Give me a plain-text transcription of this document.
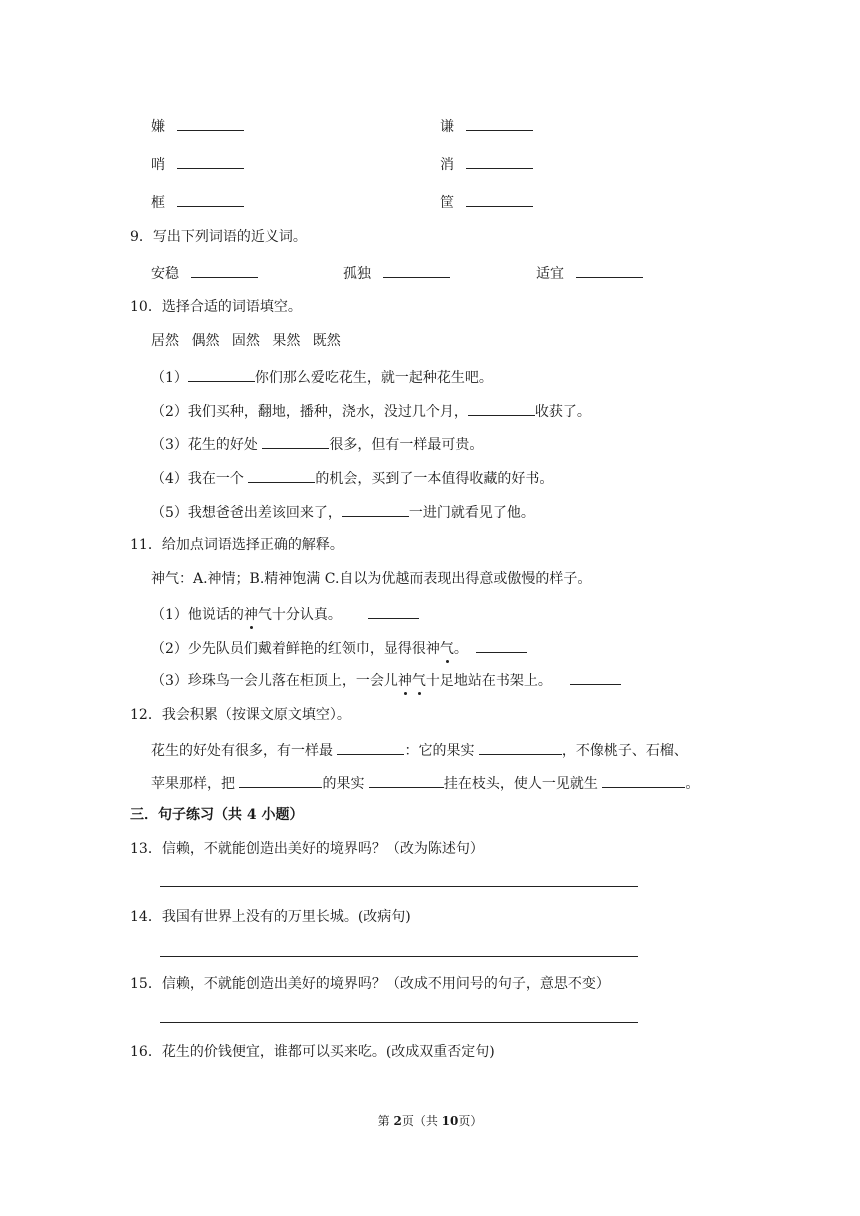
嫌	谦
哨	消
框	筐
9．写出下列词语的近义词。
安稳	孤独	适宜
10．选择合适的词语填空。
居然 偶然 固然 果然 既然
（1）	你们那么爱吃花生，就一起种花生吧。
（2）我们买种，翻地，播种，浇水，没过几个月，	收获了。
（3）花生的好处	很多，但有一样最可贵。
（4）我在一个	的机会，买到了一本值得收藏的好书。
（5）我想爸爸出差该回来了，	一进门就看见了他。
11．给加点词语选择正确的解释。
神气：A.神情；B.精神饱满 C.自以为优越而表现出得意或傲慢的样子。
（1）他说话的神气十分认真。
（2）少先队员们戴着鲜艳的红领巾，显得很神气。
（3）珍珠鸟一会儿落在柜顶上，一会儿神气十足地站在书架上。
12．我会积累（按课文原文填空）。
花生的好处有很多，有一样最	：它的果实	，不像桃子、石榴、
苹果那样，把	的果实	挂在枝头，使人一见就生	。
三．句子练习（共 4 小题）
13．信赖，不就能创造出美好的境界吗？（改为陈述句）
14．我国有世界上没有的万里长城。(改病句)
15．信赖，不就能创造出美好的境界吗？（改成不用问号的句子，意思不变）
16．花生的价钱便宜，谁都可以买来吃。(改成双重否定句)
第 2页（共 10页）
